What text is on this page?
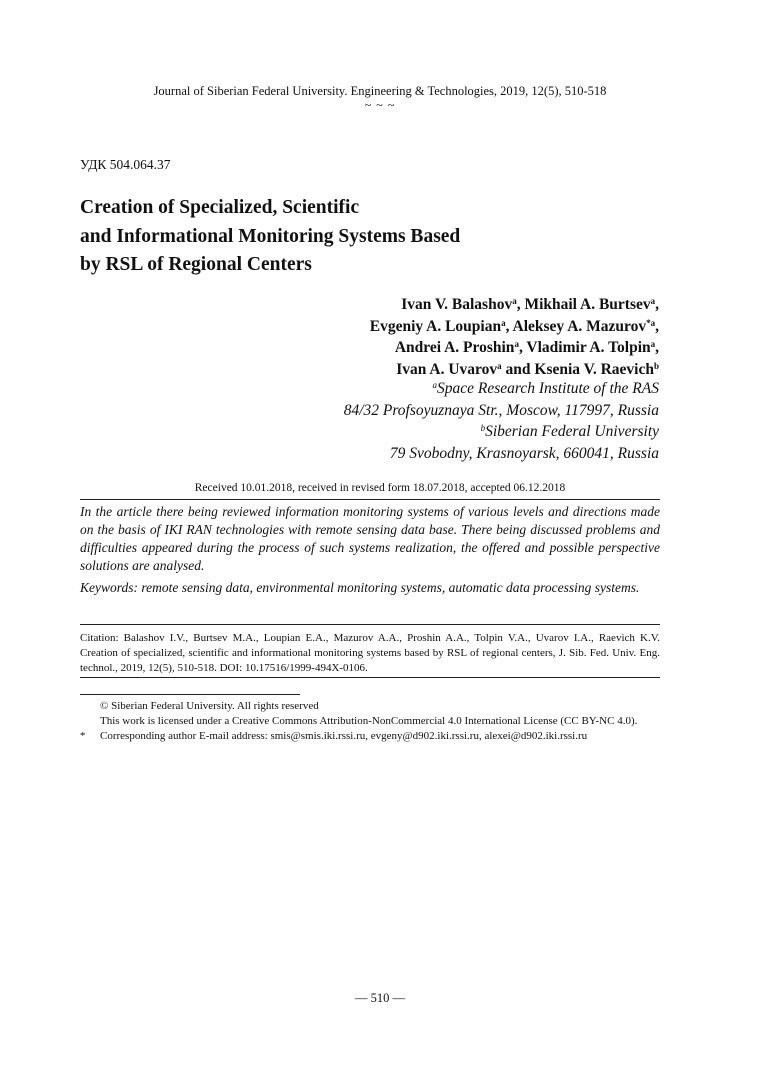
Journal of Siberian Federal University. Engineering & Technologies, 2019, 12(5), 510-518
~ ~ ~
УДК 504.064.37
Creation of Specialized, Scientific
and Informational Monitoring Systems Based
by RSL of Regional Centers
Ivan V. Balashov$^a$, Mikhail A. Burtsev$^a$,
Evgeniy A. Loupian$^a$, Aleksey A. Mazurov$^{*a}$,
Andrei A. Proshin$^a$, Vladimir A. Tolpin$^a$,
Ivan A. Uvarov$^a$ and Ksenia V. Raevich$^b$
$^a$Space Research Institute of the RAS
84/32 Profsoyuznaya Str., Moscow, 117997, Russia
$^b$Siberian Federal University
79 Svobodny, Krasnoyarsk, 660041, Russia
Received 10.01.2018, received in revised form 18.07.2018, accepted 06.12.2018
In the article there being reviewed information monitoring systems of various levels and directions made on the basis of IKI RAN technologies with remote sensing data base. There being discussed problems and difficulties appeared during the process of such systems realization, the offered and possible perspective solutions are analysed.
Keywords: remote sensing data, environmental monitoring systems, automatic data processing systems.
Citation: Balashov I.V., Burtsev M.A., Loupian E.A., Mazurov A.A., Proshin A.A., Tolpin V.A., Uvarov I.A., Raevich K.V. Creation of specialized, scientific and informational monitoring systems based by RSL of regional centers, J. Sib. Fed. Univ. Eng. technol., 2019, 12(5), 510-518. DOI: 10.17516/1999-494X-0106.
© Siberian Federal University. All rights reserved
This work is licensed under a Creative Commons Attribution-NonCommercial 4.0 International License (CC BY-NC 4.0).
* Corresponding author E-mail address: smis@smis.iki.rssi.ru, evgeny@d902.iki.rssi.ru, alexei@d902.iki.rssi.ru
— 510 —
